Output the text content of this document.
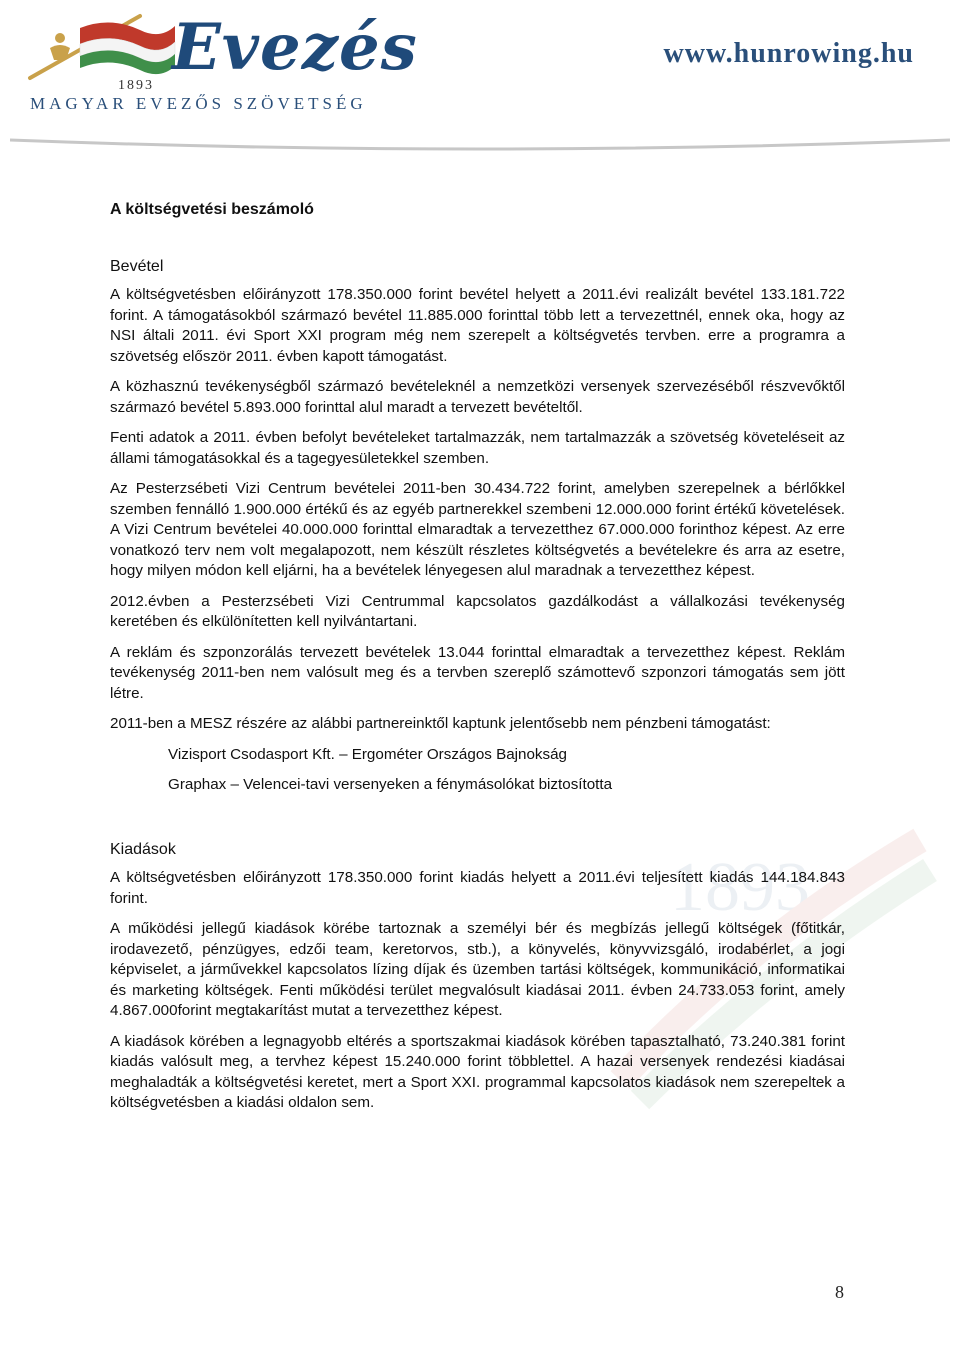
Evezés
1893
MAGYAR EVEZŐS SZÖVETSÉG
www.hunrowing.hu
1893

A költségvetési beszámoló

Bevétel

A költségvetésben előirányzott 178.350.000 forint bevétel helyett a 2011.évi realizált bevétel 133.181.722 forint. A támogatásokból származó bevétel 11.885.000 forinttal több lett a tervezettnél, ennek oka, hogy az NSI általi 2011. évi Sport XXI program még nem szerepelt a költségvetés tervben. erre a programra a szövetség először 2011. évben kapott támogatást.

A közhasznú tevékenységből származó bevételeknél a nemzetközi versenyek szervezéséből részvevőktől származó bevétel 5.893.000 forinttal alul maradt a tervezett bevételtől.

Fenti adatok a 2011. évben befolyt bevételeket tartalmazzák, nem tartalmazzák a szövetség követeléseit az állami támogatásokkal és a tagegyesületekkel szemben.

Az Pesterzsébeti Vizi Centrum bevételei 2011-ben 30.434.722 forint, amelyben szerepelnek a bérlőkkel szemben fennálló 1.900.000 értékű és az egyéb partnerekkel szembeni 12.000.000 forint értékű követelések. A Vizi Centrum bevételei 40.000.000 forinttal elmaradtak a tervezetthez 67.000.000 forinthoz képest. Az erre vonatkozó terv nem volt megalapozott, nem készült részletes költségvetés a bevételekre és arra az esetre, hogy milyen módon kell eljárni, ha a bevételek lényegesen alul maradnak a tervezetthez képest.

2012.évben a Pesterzsébeti Vizi Centrummal kapcsolatos gazdálkodást a vállalkozási tevékenység keretében és elkülönítetten kell nyilvántartani.

A reklám és szponzorálás tervezett bevételek 13.044 forinttal elmaradtak a tervezetthez képest. Reklám tevékenység 2011-ben nem valósult meg és a tervben szereplő számottevő szponzori támogatás sem jött létre.

2011-ben a MESZ részére az alábbi partnereinktől kaptunk jelentősebb nem pénzbeni támogatást:

Vizisport Csodasport Kft. – Ergométer Országos Bajnokság

Graphax – Velencei-tavi versenyeken a fénymásolókat biztosította

Kiadások

A költségvetésben előirányzott 178.350.000 forint kiadás helyett a 2011.évi teljesített kiadás 144.184.843 forint.

A működési jellegű kiadások körébe tartoznak a személyi bér és megbízás jellegű költségek (főtitkár, irodavezető, pénzügyes, edzői team, keretorvos, stb.), a könyvelés, könyvvizsgáló, irodabérlet, a jogi képviselet, a járművekkel kapcsolatos lízing díjak és üzemben tartási költségek, kommunikáció, informatikai és marketing költségek. Fenti működési terület megvalósult kiadásai 2011. évben 24.733.053 forint, amely 4.867.000forint megtakarítást mutat a tervezetthez képest.

A kiadások körében a legnagyobb eltérés a sportszakmai kiadások körében tapasztalható, 73.240.381 forint kiadás valósult meg, a tervhez képest 15.240.000 forint többlettel. A hazai versenyek rendezési kiadásai meghaladták a költségvetési keretet, mert a Sport XXI. programmal kapcsolatos kiadások nem szerepeltek a költségvetésben a kiadási oldalon sem.

8
